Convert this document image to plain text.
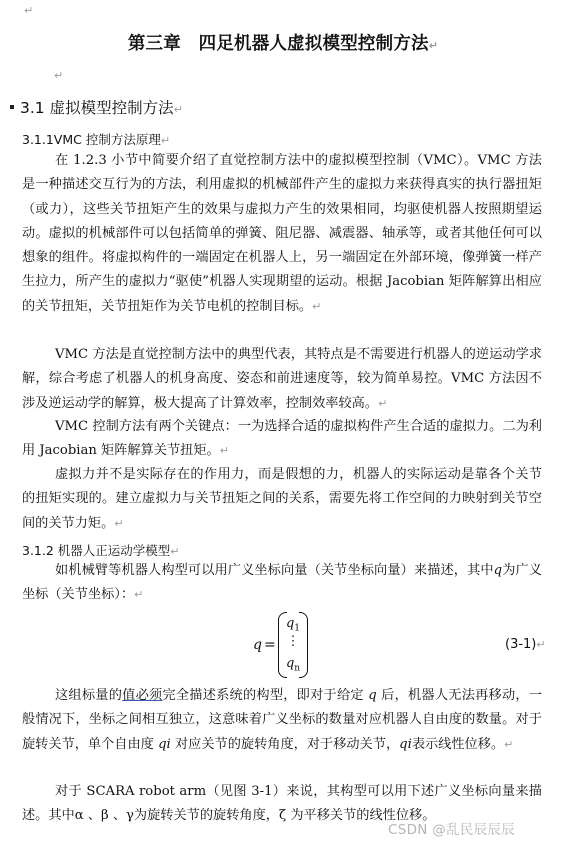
↵
第三章　四足机器人虚拟模型控制方法↵
↵
3.1 虚拟模型控制方法↵
3.1.1VMC 控制方法原理↵

在 1.2.3 小节中简要介绍了直觉控制方法中的虚拟模型控制（VMC）。VMC 方法是一种描述交互行为的方法，利用虚拟的机械部件产生的虚拟力来获得真实的执行器扭矩（或力），这些关节扭矩产生的效果与虚拟力产生的效果相同，均驱使机器人按照期望运动。虚拟的机械部件可以包括简单的弹簧、阻尼器、减震器、轴承等，或者其他任何可以想象的组件。将虚拟构件的一端固定在机器人上，另一端固定在外部环境，像弹簧一样产生拉力，所产生的虚拟力“驱使”机器人实现期望的运动。根据 Jacobian 矩阵解算出相应的关节扭矩，关节扭矩作为关节电机的控制目标。↵

VMC 方法是直觉控制方法中的典型代表，其特点是不需要进行机器人的逆运动学求解，综合考虑了机器人的机身高度、姿态和前进速度等，较为简单易控。VMC 方法因不涉及逆运动学的解算，极大提高了计算效率，控制效率较高。↵

VMC 控制方法有两个关键点：一为选择合适的虚拟构件产生合适的虚拟力。二为利用 Jacobian 矩阵解算关节扭矩。↵

虚拟力并不是实际存在的作用力，而是假想的力，机器人的实际运动是靠各个关节的扭矩实现的。建立虚拟力与关节扭矩之间的关系，需要先将工作空间的力映射到关节空间的关节力矩。↵

3.1.2 机器人正运动学模型↵

如机械臂等机器人构型可以用广义坐标向量（关节坐标向量）来描述，其中q为广义坐标（关节坐标）：↵

q =
$q_1$
⋮
$q_n$
(3-1)↵

这组标量的值必须完全描述系统的构型，即对于给定 q 后，机器人无法再移动，一般情况下，坐标之间相互独立，这意味着广义坐标的数量对应机器人自由度的数量。对于旋转关节，单个自由度 qi 对应关节的旋转角度，对于移动关节，qi表示线性位移。↵

对于 SCARA robot arm（见图 3-1）来说，其构型可以用下述广义坐标向量来描述。其中α 、β 、γ为旋转关节的旋转角度，ζ 为平移关节的线性位移。

CSDN @乱民辰辰辰
